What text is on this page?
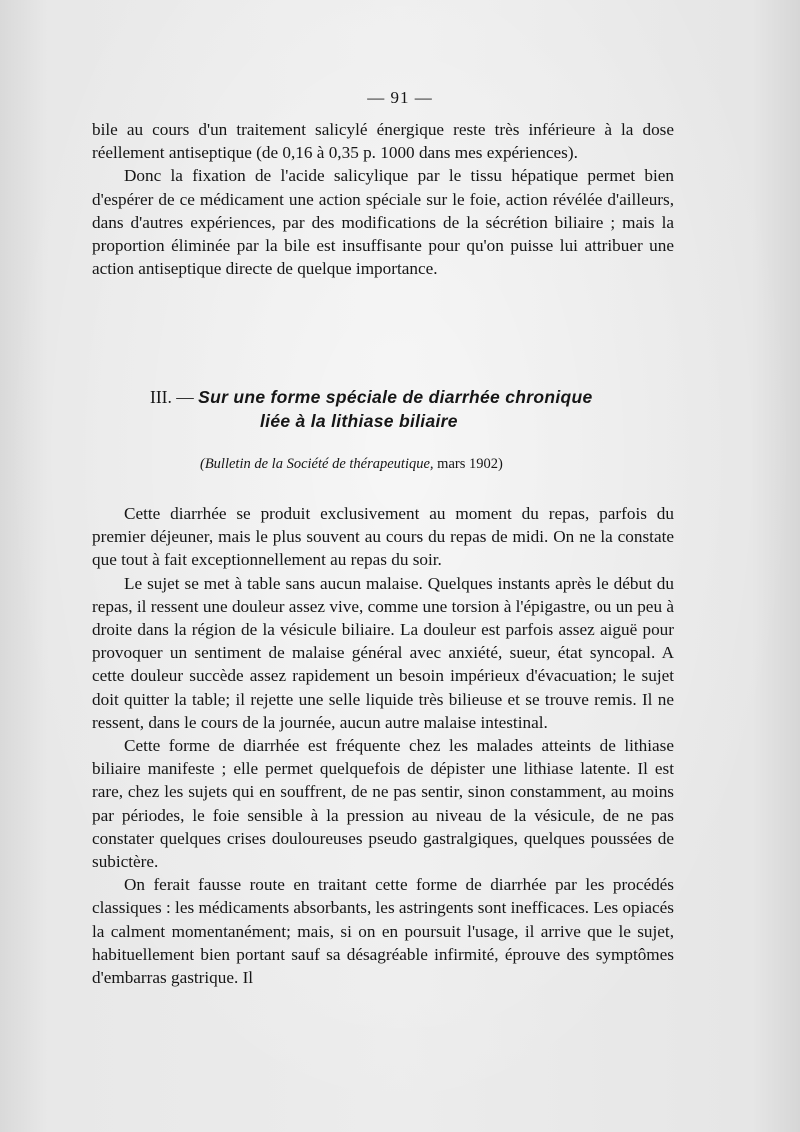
— 91 —

bile au cours d'un traitement salicylé énergique reste très inférieure à la dose réellement antiseptique (de 0,16 à 0,35 p. 1000 dans mes expériences).

Donc la fixation de l'acide salicylique par le tissu hépatique permet bien d'espérer de ce médicament une action spéciale sur le foie, action révélée d'ailleurs, dans d'autres expériences, par des modifications de la sécrétion biliaire ; mais la proportion éliminée par la bile est insuffisante pour qu'on puisse lui attribuer une action antiseptique directe de quelque importance.

III. — Sur une forme spéciale de diarrhée chronique
liée à la lithiase biliaire
(Bulletin de la Société de thérapeutique, mars 1902)

Cette diarrhée se produit exclusivement au moment du repas, parfois du premier déjeuner, mais le plus souvent au cours du repas de midi. On ne la constate que tout à fait exceptionnellement au repas du soir.

Le sujet se met à table sans aucun malaise. Quelques instants après le début du repas, il ressent une douleur assez vive, comme une torsion à l'épigastre, ou un peu à droite dans la région de la vésicule biliaire. La douleur est parfois assez aiguë pour provoquer un sentiment de malaise général avec anxiété, sueur, état syncopal. A cette douleur succède assez rapidement un besoin impérieux d'évacuation; le sujet doit quitter la table; il rejette une selle liquide très bilieuse et se trouve remis. Il ne ressent, dans le cours de la journée, aucun autre malaise intestinal.

Cette forme de diarrhée est fréquente chez les malades atteints de lithiase biliaire manifeste ; elle permet quelquefois de dépister une lithiase latente. Il est rare, chez les sujets qui en souffrent, de ne pas sentir, sinon constamment, au moins par périodes, le foie sensible à la pression au niveau de la vésicule, de ne pas constater quelques crises douloureuses pseudo gastralgiques, quelques poussées de subictère.

On ferait fausse route en traitant cette forme de diarrhée par les procédés classiques : les médicaments absorbants, les astringents sont inefficaces. Les opiacés la calment momentanément; mais, si on en poursuit l'usage, il arrive que le sujet, habituellement bien portant sauf sa désagréable infirmité, éprouve des symptômes d'embarras gastrique. Il
